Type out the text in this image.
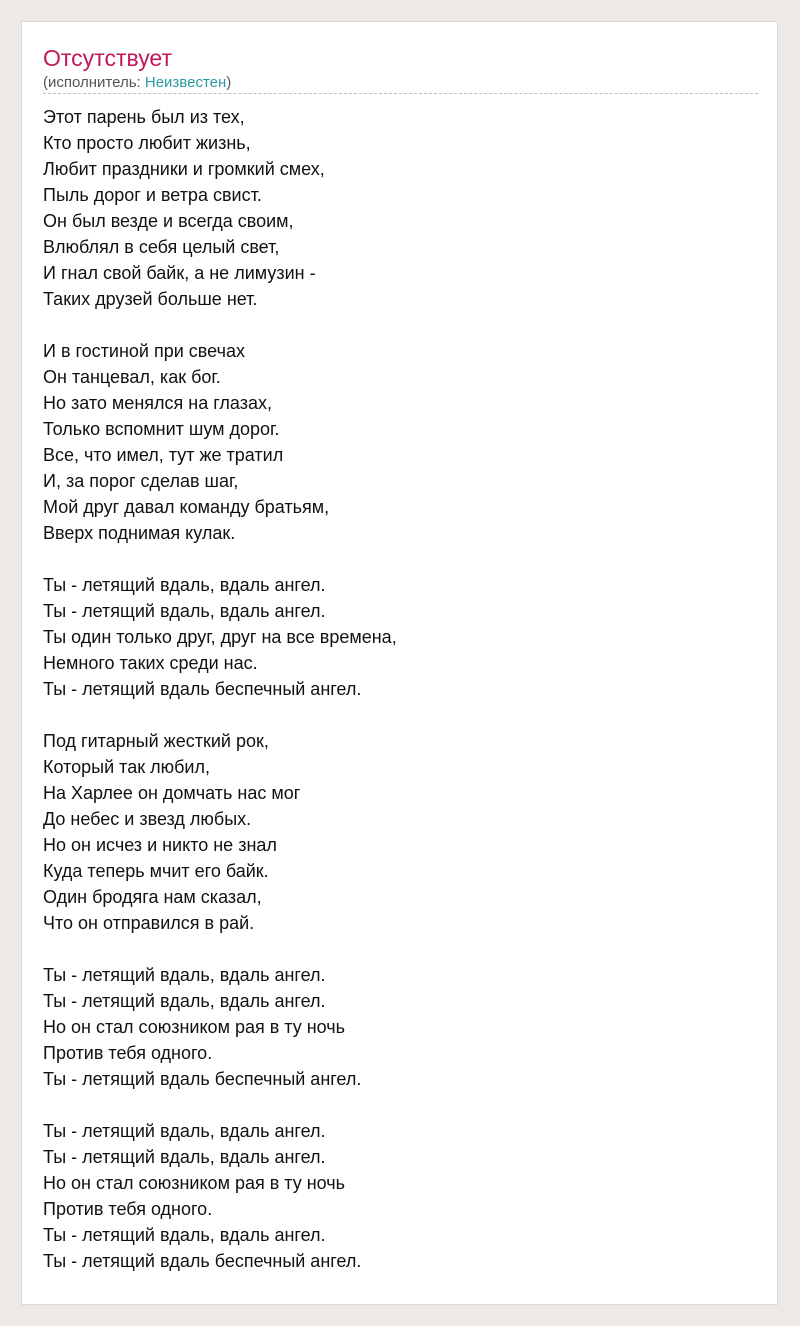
Отсутствует
(исполнитель: Неизвестен)
Этот парень был из тех,
Кто просто любит жизнь,
Любит праздники и громкий смех,
Пыль дорог и ветра свист.
Он был везде и всегда своим,
Влюблял в себя целый свет,
И гнал свой байк, а не лимузин -
Таких друзей больше нет.
И в гостиной при свечах
Он танцевал, как бог.
Но зато менялся на глазах,
Только вспомнит шум дорог.
Все, что имел, тут же тратил
И, за порог сделав шаг,
Мой друг давал команду братьям,
Вверх поднимая кулак.
Ты - летящий вдаль, вдаль ангел.
Ты - летящий вдаль, вдаль ангел.
Ты один только друг, друг на все времена,
Немного таких среди нас.
Ты - летящий вдаль беспечный ангел.
Под гитарный жесткий рок,
Который так любил,
На Харлее он домчать нас мог
До небес и звезд любых.
Но он исчез и никто не знал
Куда теперь мчит его байк.
Один бродяга нам сказал,
Что он отправился в рай.
Ты - летящий вдаль, вдаль ангел.
Ты - летящий вдаль, вдаль ангел.
Но он стал союзником рая в ту ночь
Против тебя одного.
Ты - летящий вдаль беспечный ангел.
Ты - летящий вдаль, вдаль ангел.
Ты - летящий вдаль, вдаль ангел.
Но он стал союзником рая в ту ночь
Против тебя одного.
Ты - летящий вдаль, вдаль ангел.
Ты - летящий вдаль беспечный ангел.
